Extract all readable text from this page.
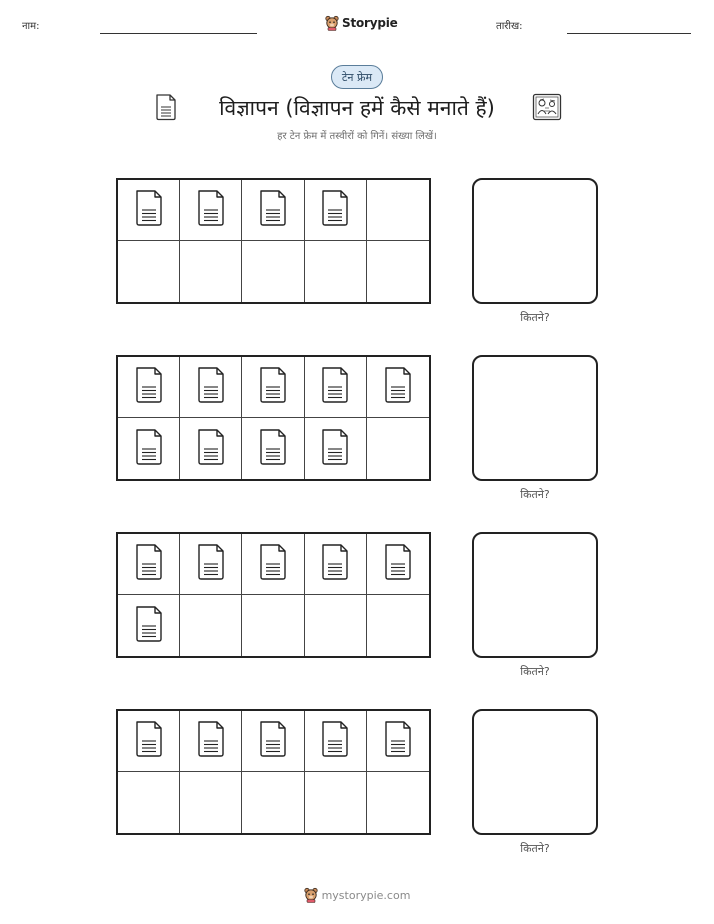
नाम:	Storypie	तारीख:
टेन फ्रेम
विज्ञापन (विज्ञापन हमें कैसे मनाते हैं)
हर टेन फ्रेम में तस्वीरों को गिनें। संख्या लिखें।
कितने?
कितने?
कितने?
कितने?
mystorypie.com
